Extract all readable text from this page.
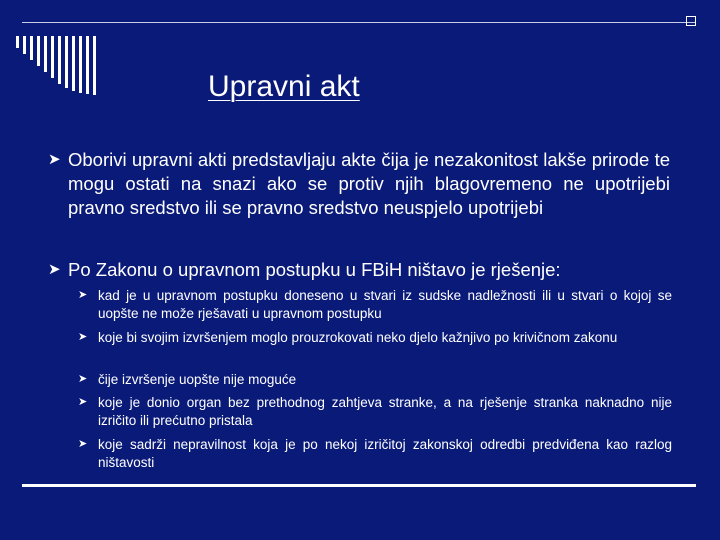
Upravni akt
➤ Oborivi upravni akti predstavljaju akte čija je nezakonitost lakše prirode te mogu ostati na snazi ako se protiv njih blagovremeno ne upotrijebi pravno sredstvo ili se pravno sredstvo neuspjelo upotrijebi
➤ Po Zakonu o upravnom postupku u FBiH ništavo je rješenje:
➤ kad je u upravnom postupku doneseno u stvari iz sudske nadležnosti ili u stvari o kojoj se uopšte ne može rješavati u upravnom postupku
➤ koje bi svojim izvršenjem moglo prouzrokovati neko djelo kažnjivo po krivičnom zakonu
➤ čije izvršenje uopšte nije moguće
➤ koje je donio organ bez prethodnog zahtjeva stranke, a na rješenje stranka naknadno nije izričito ili prećutno pristala
➤ koje sadrži nepravilnost koja je po nekoj izričitoj zakonskoj odredbi predviđena kao razlog ništavosti
